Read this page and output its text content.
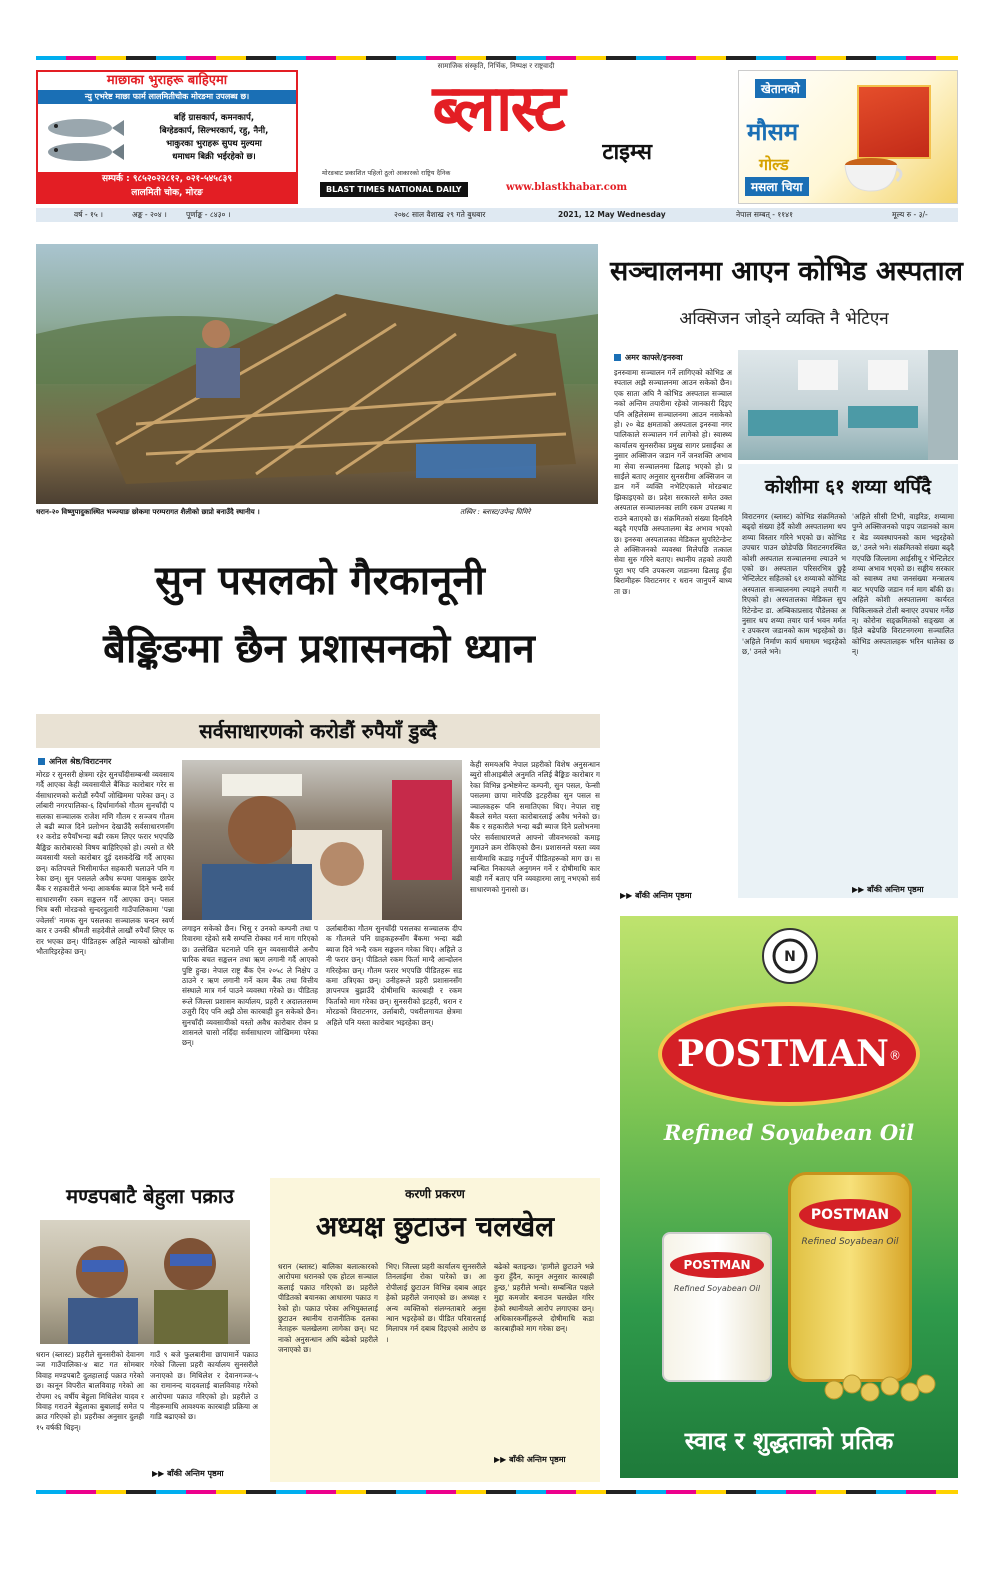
सामाजिक संस्कृति, निर्भिक, निष्पक्ष र राष्ट्रवादी
माछाका भुराहरू बाहिएमा
न्यु एभरेष्ट माछा फार्म लालमितीचोक मोरङमा उपलब्ध छ।
बहिं ग्रासकार्प, कमनकार्प,
बिग्हेडकार्प, सिल्भरकार्प, रहु, नैनी,
भाकुरका भुराहरू सुपथ मुल्यमा
धमाधम बिक्री भईरहेको छ।
सम्पर्क : ९८५२०२२८१२, ०२१-५४५८३९
लालमिती चोक, मोरङ
ब्लास्ट
टाइम्स
मोरङबाट प्रकाशित पहिलो ठूलो आकारको राष्ट्रिय दैनिक
BLAST TIMES NATIONAL DAILY	www.blastkhabar.com
खेतानको
मौसम
गोल्ड
मसला चिया
वर्ष - १५ ।	अङ्क - २०४ ।	पूर्णाङ्क - ८४३० ।	२०७८ साल वैशाख २९ गते बुधबार	2021, 12 May Wednesday	नेपाल सम्बत् - ११४१	मूल्य रु - ३/-
धरान-२० विष्णुपादुकास्थित भञ्ज्याङ छोकमा परम्परागत शैलीको छाप्रो बनाउँदै स्थानीय ।	तस्विर : ब्लास्ट/उपेन्द्र घिमिरे
सुन पसलको गैरकानूनी
बैङ्किङमा छैन प्रशासनको ध्यान
सर्वसाधारणको करोडौं रुपैयाँ डुब्दै
अनिल श्रेष्ठ/विराटनगर
मोरङ र सुनसरी क्षेत्रमा रहेर सुनचाँदीसम्बन्धी व्यवसाय गर्दै आएका केही व्यवसायीले बैंकिङ कारोबार गरेर सर्वसाधारणको करोडौं रुपैयाँ जोखिममा पारेका छन्। उर्लाबारी नगरपालिका-६ दिर्घामार्गको गौतम सुनचाँदी पसलका सञ्चालक राजेश मणि गौतम र सञ्जय गौतमले बढी ब्याज दिने प्रलोभन देखाउँदै सर्वसाधारणसँग १२ करोड रुपैयाँभन्दा बढी रकम लिएर फरार भएपछि बैङ्किङ कारोबारको विषय बाहिरिएको हो। त्यसो त धेरै व्यवसायी यस्तो कारोबार दुई दशकदेखि गर्दै आएका छन्। कतिपयले भिसीमार्फत सहकारी चलाउने पनि गरेका छन्। सुन पसलले अवैध रूपमा पासबुक छापेर बैंक र सहकारीले भन्दा आकर्षक ब्याज दिने भन्दै सर्वसाधारणसँग रकम सङ्कलन गर्दै आएका छन्। पसलभित्र बसी मोरङको सुन्दरदुलारी गाउँपालिकामा 'पन्ना ज्वेलर्स' नामक सुन पसलका सञ्चालक चन्दन स्वर्णकार र उनकी श्रीमती सहदेवीले लाखौं रुपैयाँ लिएर फरार भएका छन्। पीडितहरू अहिले न्यायको खोजीमा भौतारिइरहेका छन्।
लगाइन सकेको छैन। भिसु र उनको कम्पनी तथा परिवारमा रहेको सबै सम्पत्ति रोक्का गर्न माग गरिएको छ। उल्लेखित घटनाले पनि सुन व्यवसायीले अनौपचारिक बचत सङ्कलन तथा ऋण लगानी गर्दै आएको पुष्टि हुन्छ। नेपाल राष्ट्र बैंक ऐन २०५८ ले निक्षेप उठाउने र ऋण लगानी गर्ने काम बैंक तथा वित्तीय संस्थाले मात्र गर्न पाउने व्यवस्था गरेको छ। पीडितहरूले जिल्ला प्रशासन कार्यालय, प्रहरी र अदालतसम्म उजुरी दिए पनि अझै ठोस कारबाही हुन सकेको छैन। सुनचाँदी व्यवसायीको यस्तो अवैध कारोबार रोक्न प्रशासनले चासो नदिँदा सर्वसाधारण जोखिममा परेका छन्।
उर्लाबारीका गौतम सुनचाँदी पसलका सञ्चालक दीपक गौतमले पनि ग्राहकहरूसँग बैंकमा भन्दा बढी ब्याज दिने भन्दै रकम सङ्कलन गरेका थिए। अहिले उनी फरार छन्। पीडितले रकम फिर्ता माग्दै आन्दोलन गरिरहेका छन्। गौतम फरार भएपछि पीडितहरू सडकमा उत्रिएका छन्। उनीहरूले प्रहरी प्रशासनसँग ज्ञापनपत्र बुझाउँदै दोषीमाथि कारबाही र रकम फिर्ताको माग गरेका छन्। सुनसरीको इटहरी, धरान र मोरङको विराटनगर, उर्लाबारी, पथरीलगायत क्षेत्रमा अहिले पनि यस्ता कारोबार भइरहेका छन्।
केही समयअघि नेपाल प्रहरीको विशेष अनुसन्धान ब्युरो सीआइबीले अनुमति नलिई बैङ्किङ कारोबार गरेका विभिन्न इन्भेष्टमेन्ट कम्पनी, सुन पसल, फेन्सी पसलमा छापा मारेपछि इटहरीका सुन पसल सञ्चालकहरू पनि समातिएका थिए। नेपाल राष्ट्र बैंकले समेत यस्ता कारोबारलाई अवैध भनेको छ। बैंक र सहकारीले भन्दा बढी ब्याज दिने प्रलोभनमा परेर सर्वसाधारणले आफ्नो जीवनभरको कमाइ गुमाउने क्रम रोकिएको छैन। प्रशासनले यस्ता व्यवसायीमाथि कडाइ गर्नुपर्ने पीडितहरूको माग छ। सम्बन्धित निकायले अनुगमन गर्ने र दोषीमाथि कारबाही गर्ने बताए पनि व्यवहारमा लागू नभएको सर्वसाधारणको गुनासो छ।
सञ्चालनमा आएन कोभिड अस्पताल
अक्सिजन जोड्ने व्यक्ति नै भेटिएन
अमर काफ्ले/इनरुवा
इनरुवामा सञ्चालन गर्ने लागिएको कोभिड अस्पताल अझै सञ्चालनमा आउन सकेको छैन। एक साता अघि नै कोभिड अस्पताल सञ्चालनको अन्तिम तयारीमा रहेको जानकारी दिइए पनि अहिलेसम्म सञ्चालनमा आउन नसकेको हो। २० बेड क्षमताको अस्पताल इनरुवा नगरपालिकाले सञ्चालन गर्न लागेको हो। स्वास्थ्य कार्यालय सुनसरीका प्रमुख सागर प्रसाईंका अनुसार अक्सिजन जडान गर्ने जनशक्ति अभावमा सेवा सञ्चालनमा ढिलाइ भएको हो। प्रसाईंले बताए अनुसार सुनसरीमा अक्सिजन जडान गर्ने व्यक्ति नभेटिएकाले मोरङबाट झिकाइएको छ। प्रदेश सरकारले समेत उक्त अस्पताल सञ्चालनका लागि रकम उपलब्ध गराउने बताएको छ। संक्रमितको संख्या दिनदिनै बढ्दै गएपछि अस्पतालमा बेड अभाव भएको छ। इनरुवा अस्पतालका मेडिकल सुपरिटेन्डेन्टले अक्सिजनको व्यवस्था मिलेपछि तत्काल सेवा सुरु गरिने बताए। स्थानीय तहको तयारी पूरा भए पनि उपकरण जडानमा ढिलाइ हुँदा बिरामीहरू विराटनगर र धरान जानुपर्ने बाध्यता छ।
▶▶ बाँकी अन्तिम पृष्ठमा
कोशीमा ६१ शय्या थपिँदै
विराटनगर (ब्लास्ट) कोभिड संक्रमितको बढ्दो संख्या हेर्दै कोशी अस्पतालमा थप शय्या विस्तार गरिने भएको छ। कोभिड उपचार पाउन छोडेपछि विराटनगरस्थित कोशी अस्पताल सञ्चालनमा ल्याउने भएको छ। अस्पताल परिसरभित्र छुट्टै भेन्टिलेटर सहितको ६१ शय्याको कोभिड अस्पताल सञ्चालनमा ल्याइने तयारी गरिएको हो। अस्पतालका मेडिकल सुपरिटेन्डेन्ट डा. अम्बिकाप्रसाद पौडेलका अनुसार थप शय्या तयार पार्न भवन मर्मत र उपकरण जडानको काम भइरहेको छ। 'अहिले निर्माण कार्य धमाधम भइरहेको छ,' उनले भने।
'अहिले सीसी टिभी, वाइरिङ, शय्यामा पुग्ने अक्सिजनको पाइप जडानको काम र बेड व्यवस्थापनको काम भइरहेको छ,' उनले भने। संक्रमितको संख्या बढ्दै गएपछि जिल्लामा आईसीयू र भेन्टिलेटर शय्या अभाव भएको छ। सङ्घीय सरकारको स्वास्थ्य तथा जनसंख्या मन्त्रालयबाट भएपछि जडान गर्न माग बाँकी छ। अहिले कोशी अस्पतालमा कार्यरत चिकित्सकले टोली बनाएर उपचार गर्नेछन्। कोरोना सङ्क्रमितको सङ्ख्या अहिले बढेपछि विराटनगरमा सञ्चालित कोभिड अस्पतालहरू भरिन थालेका छन्।
▶▶ बाँकी अन्तिम पृष्ठमा
N
POSTMAN®
Refined Soyabean Oil
POSTMAN
Refined Soyabean Oil
POSTMAN
Refined Soyabean Oil
स्वाद र शुद्धताको प्रतिक
मण्डपबाटै बेहुला पक्राउ
धरान (ब्लास्ट) प्रहरीले सुनसरीको देवानगञ्ज गाउँपालिका-४ बाट गत सोमबार विवाह मण्डपबाटै दुलहालाई पक्राउ गरेको छ। कानून विपरीत बालविवाह गरेको आरोपमा २६ वर्षीय बेहुला मिथिलेश यादव र विवाह गराउने बेहुलाका बुबालाई समेत पक्राउ गरिएको हो। प्रहरीका अनुसार दुलही १५ वर्षकी थिइन्।
गाउँ ९ बजे फुलबारीमा छापामार्ने पक्राउ गरेको जिल्ला प्रहरी कार्यालय सुनसरीले जनाएको छ। मिथिलेश र देवानगञ्ज-५ का रामानन्द यादवलाई बालविवाह गरेको आरोपमा पक्राउ गरिएको हो। प्रहरीले उनीहरूमाथि आवश्यक कारबाही प्रक्रिया अगाडि बढाएको छ।
▶▶ बाँकी अन्तिम पृष्ठमा
करणी प्रकरण
अध्यक्ष छुटाउन चलखेल
धरान (ब्लास्ट) बालिका बलात्कारको आरोपमा धरानको एक होटल सञ्चालकलाई पक्राउ गरिएको छ। प्रहरीले पीडितको बयानका आधारमा पक्राउ गरेको हो। पक्राउ परेका अभियुक्तलाई छुटाउन स्थानीय राजनीतिक दलका नेताहरू चलखेलमा लागेका छन्। घटनाको अनुसन्धान अघि बढेको प्रहरीले जनाएको छ।
भिए। जिल्ला प्रहरी कार्यालय सुनसरीले तिनलाईमा रोका पारेको छ। आरोपीलाई छुटाउन विभिन्न दबाब आइरहेको प्रहरीले जनाएको छ। अध्यक्ष र अन्य व्यक्तिको संलग्नताबारे अनुसन्धान भइरहेको छ। पीडित परिवारलाई मिलापत्र गर्न दबाब दिइएको आरोप छ।
बढेको बताइन्छ। 'हामीले छुटाउने भन्ने कुरा हुँदैन, कानून अनुसार कारबाही हुन्छ,' प्रहरीले भन्यो। सम्बन्धित पक्षले मुद्दा कमजोर बनाउन चलखेल गरिरहेको स्थानीयले आरोप लगाएका छन्। अधिकारकर्मीहरूले दोषीमाथि कडा कारबाहीको माग गरेका छन्।
▶▶ बाँकी अन्तिम पृष्ठमा
